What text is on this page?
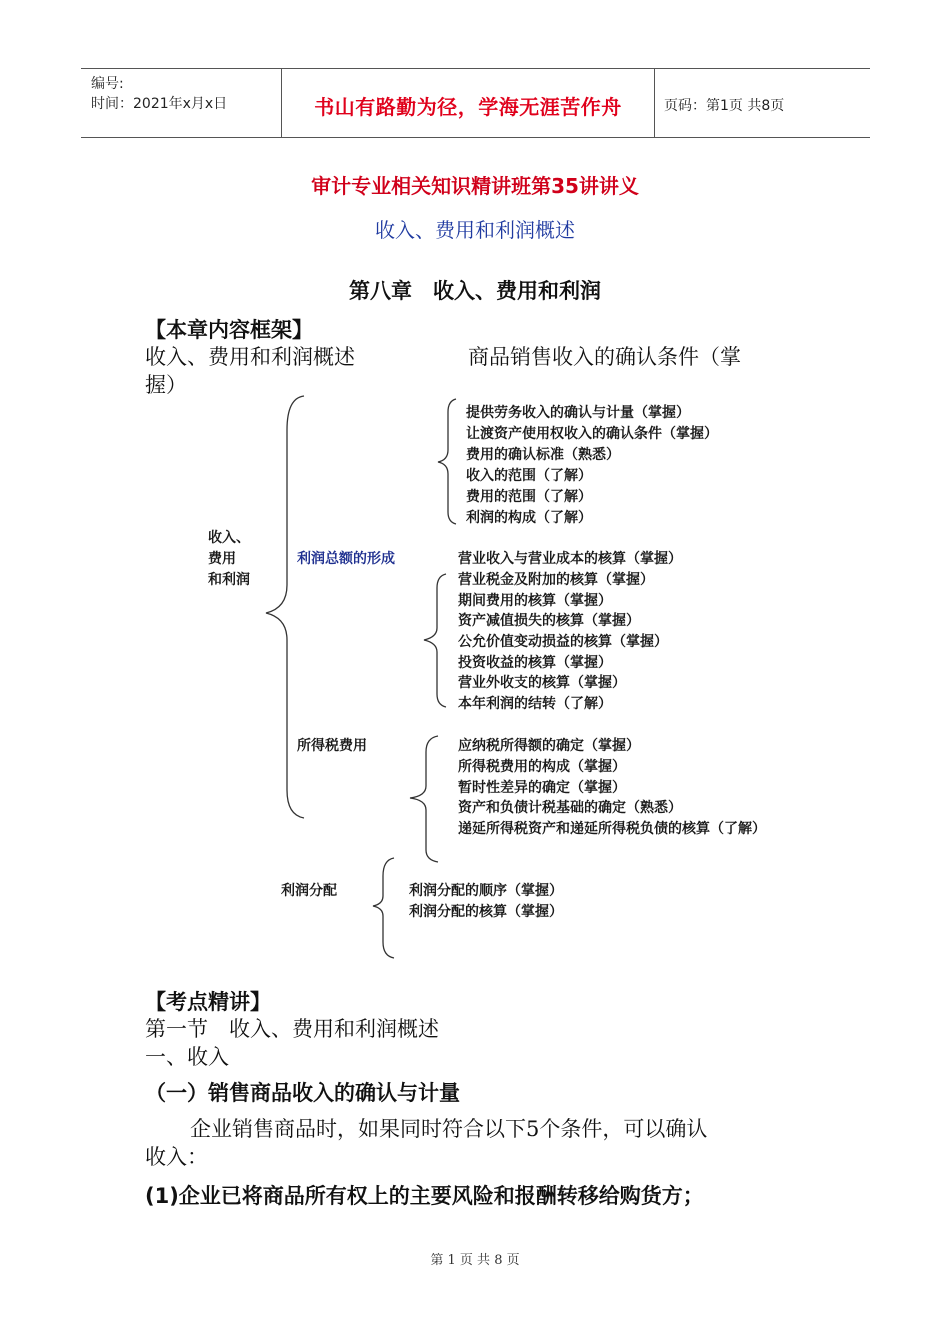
编号:
时间：2021年x月x日	书山有路勤为径，学海无涯苦作舟	页码：第1页 共8页
审计专业相关知识精讲班第35讲讲义
收入、费用和利润概述
第八章　收入、费用和利润
【本章内容框架】
收入、费用和利润概述	商品销售收入的确认条件（掌
握）
收入、
费用
和利润
提供劳务收入的确认与计量（掌握）
让渡资产使用权收入的确认条件（掌握）
费用的确认标准（熟悉）
收入的范围（了解）
费用的范围（了解）
利润的构成（了解）
利润总额的形成	营业收入与营业成本的核算（掌握）
营业税金及附加的核算（掌握）
期间费用的核算（掌握）
资产减值损失的核算（掌握）
公允价值变动损益的核算（掌握）
投资收益的核算（掌握）
营业外收支的核算（掌握）
本年利润的结转（了解）
所得税费用	应纳税所得额的确定（掌握）
所得税费用的构成（掌握）
暂时性差异的确定（掌握）
资产和负债计税基础的确定（熟悉）
递延所得税资产和递延所得税负债的核算（了解）
利润分配	利润分配的顺序（掌握）
利润分配的核算（掌握）
【考点精讲】
第一节　收入、费用和利润概述
一、收入
（一）销售商品收入的确认与计量
企业销售商品时，如果同时符合以下5个条件，可以确认
收入：
(1)企业已将商品所有权上的主要风险和报酬转移给购货方；
第 1 页 共 8 页
